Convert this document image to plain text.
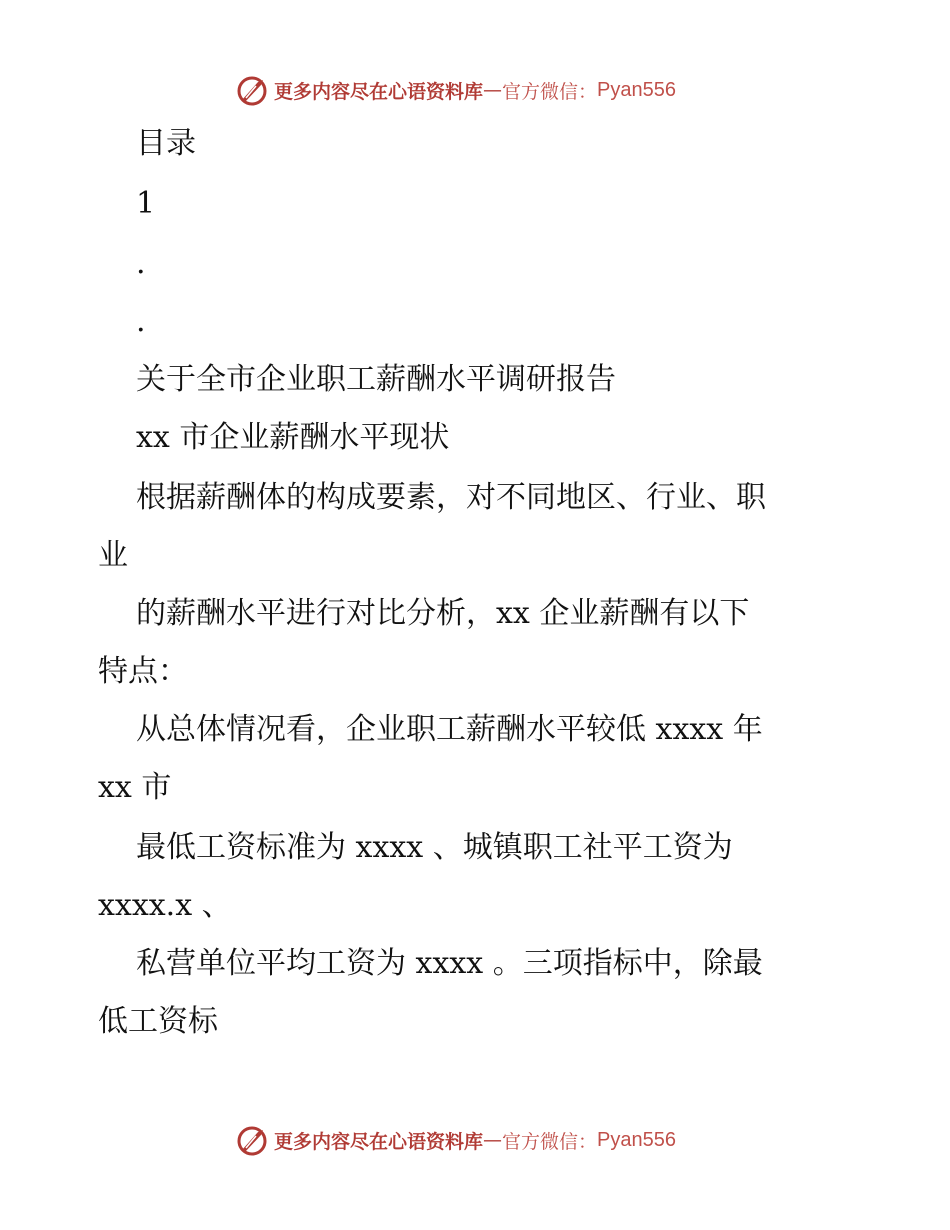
更多内容尽在心语资料库 — 官方微信： Pyan556
目录
1
.
.
关于全市企业职工薪酬水平调研报告
xx 市企业薪酬水平现状
根据薪酬体的构成要素，对不同地区、行业、职
业
的薪酬水平进行对比分析，xx 企业薪酬有以下
特点：
从总体情况看，企业职工薪酬水平较低 xxxx 年
xx 市
最低工资标准为 xxxx 、城镇职工社平工资为
xxxx.x 、
私营单位平均工资为 xxxx 。三项指标中，除最
低工资标
更多内容尽在心语资料库 — 官方微信： Pyan556
